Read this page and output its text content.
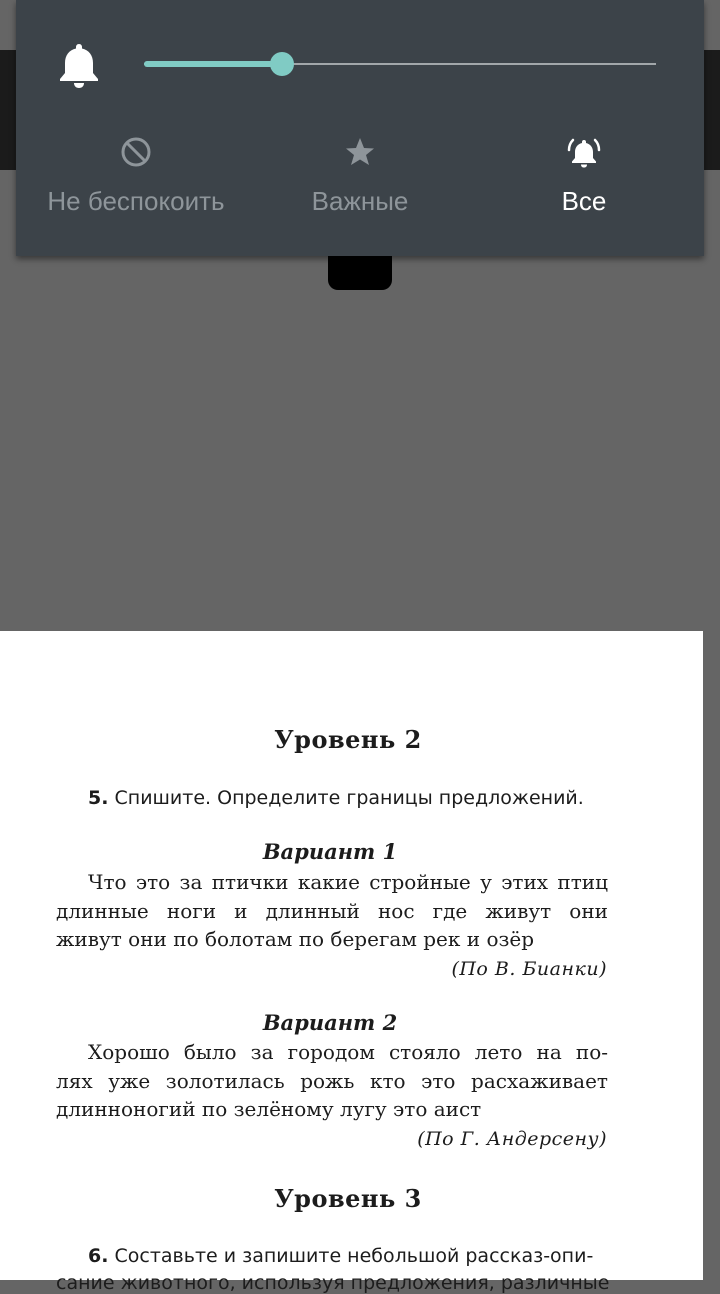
Не беспокоить	Важные	Все
Уровень 2
5. Спишите. Определите границы предложений.
Вариант 1
Что это за птички какие стройные у этих птиц
длинные ноги и длинный нос где живут они
живут они по болотам по берегам рек и озёр
(По В. Бианки)
Вариант 2
Хорошо было за городом стояло лето на по-
лях уже золотилась рожь кто это расхаживает
длинноногий по зелёному лугу это аист
(По Г. Андерсену)
Уровень 3
6. Составьте и запишите небольшой рассказ-опи-
сание животного, используя предложения, различные
